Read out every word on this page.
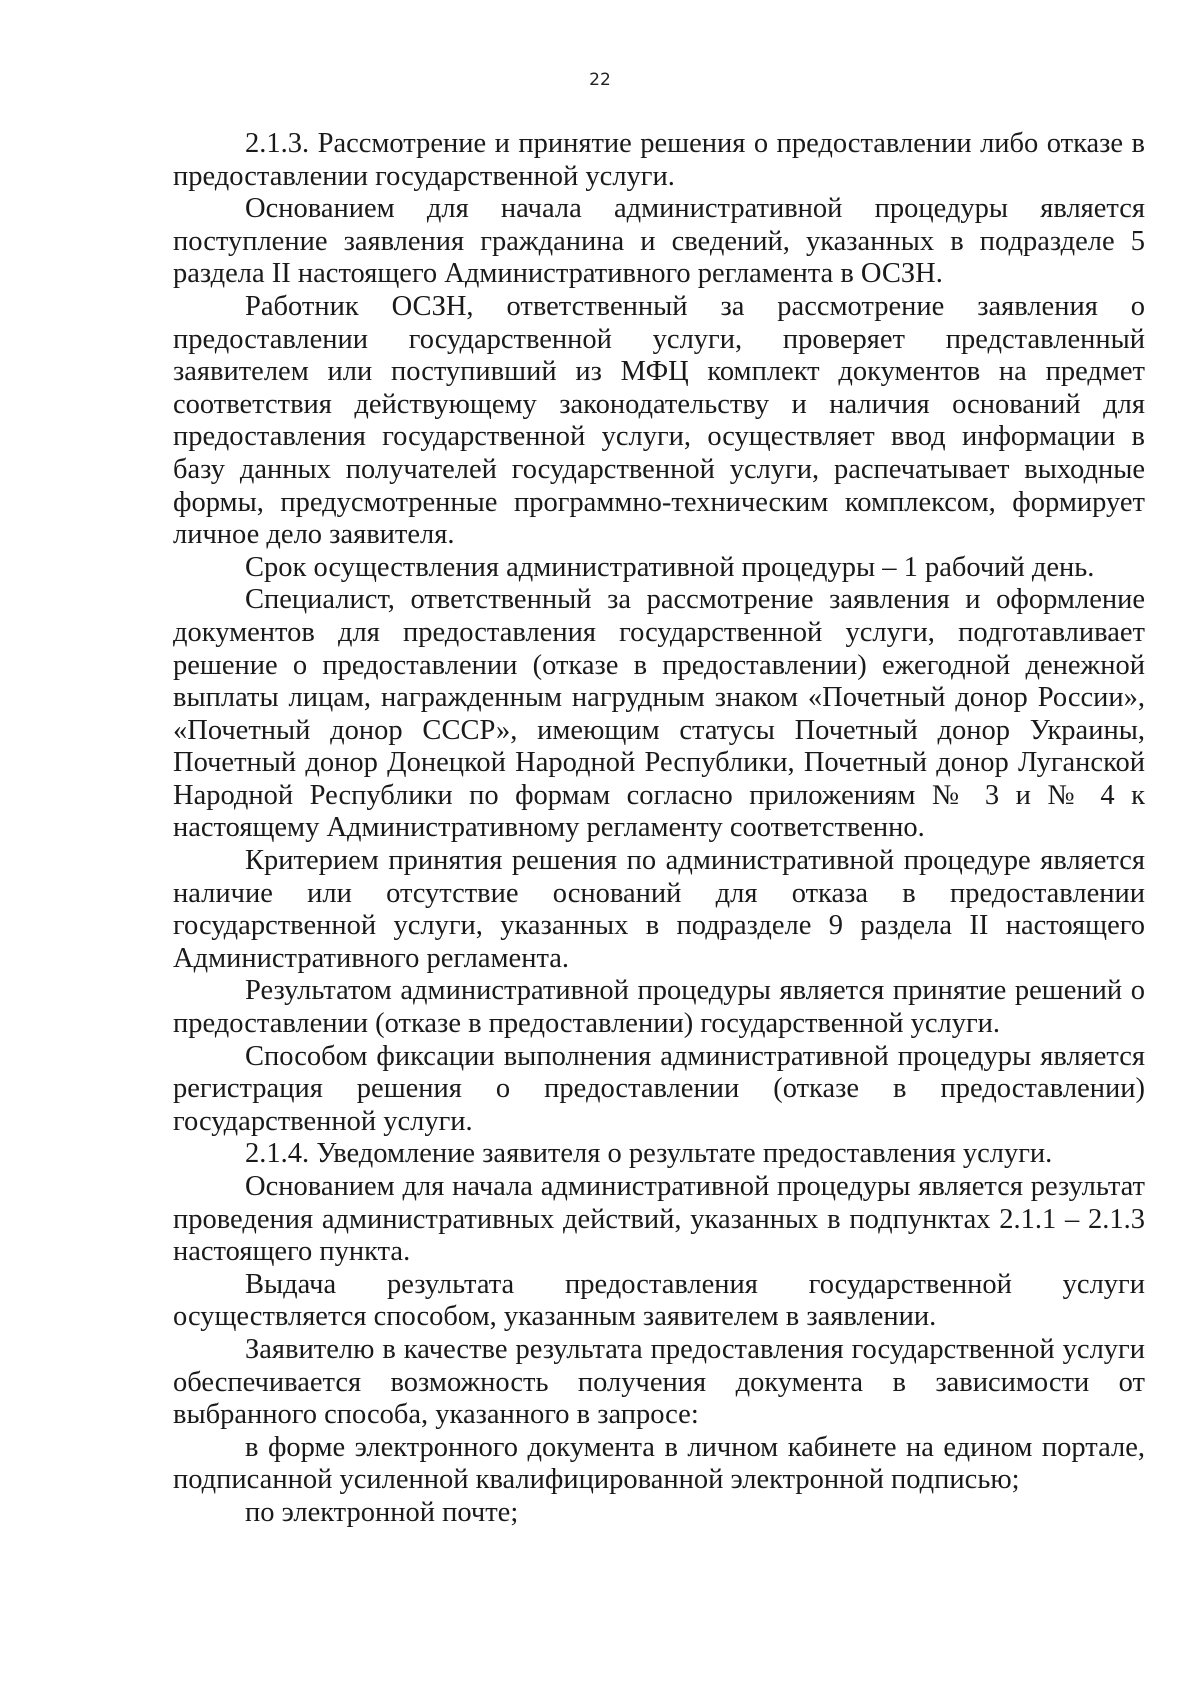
22

2.1.3. Рассмотрение и принятие решения о предоставлении либо отказе в предоставлении государственной услуги.

Основанием для начала административной процедуры является поступление заявления гражданина и сведений, указанных в подразделе 5 раздела II настоящего Административного регламента в ОСЗН.

Работник ОСЗН, ответственный за рассмотрение заявления о предоставлении государственной услуги, проверяет представленный заявителем или поступивший из МФЦ комплект документов на предмет соответствия действующему законодательству и наличия оснований для предоставления государственной услуги, осуществляет ввод информации в базу данных получателей государственной услуги, распечатывает выходные формы, предусмотренные программно-техническим комплексом, формирует личное дело заявителя.

Срок осуществления административной процедуры – 1 рабочий день.

Специалист, ответственный за рассмотрение заявления и оформление документов для предоставления государственной услуги, подготавливает решение о предоставлении (отказе в предоставлении) ежегодной денежной выплаты лицам, награжденным нагрудным знаком «Почетный донор России», «Почетный донор СССР», имеющим статусы Почетный донор Украины, Почетный донор Донецкой Народной Республики, Почетный донор Луганской Народной Республики по формам согласно приложениям № 3 и № 4 к настоящему Административному регламенту соответственно.

Критерием принятия решения по административной процедуре является наличие или отсутствие оснований для отказа в предоставлении государственной услуги, указанных в подразделе 9 раздела II настоящего Административного регламента.

Результатом административной процедуры является принятие решений о предоставлении (отказе в предоставлении) государственной услуги.

Способом фиксации выполнения административной процедуры является регистрация решения о предоставлении (отказе в предоставлении) государственной услуги.

2.1.4. Уведомление заявителя о результате предоставления услуги.

Основанием для начала административной процедуры является результат проведения административных действий, указанных в подпунктах 2.1.1 – 2.1.3 настоящего пункта.

Выдача результата предоставления государственной услуги осуществляется способом, указанным заявителем в заявлении.

Заявителю в качестве результата предоставления государственной услуги обеспечивается возможность получения документа в зависимости от выбранного способа, указанного в запросе:

в форме электронного документа в личном кабинете на едином портале, подписанной усиленной квалифицированной электронной подписью;

по электронной почте;
